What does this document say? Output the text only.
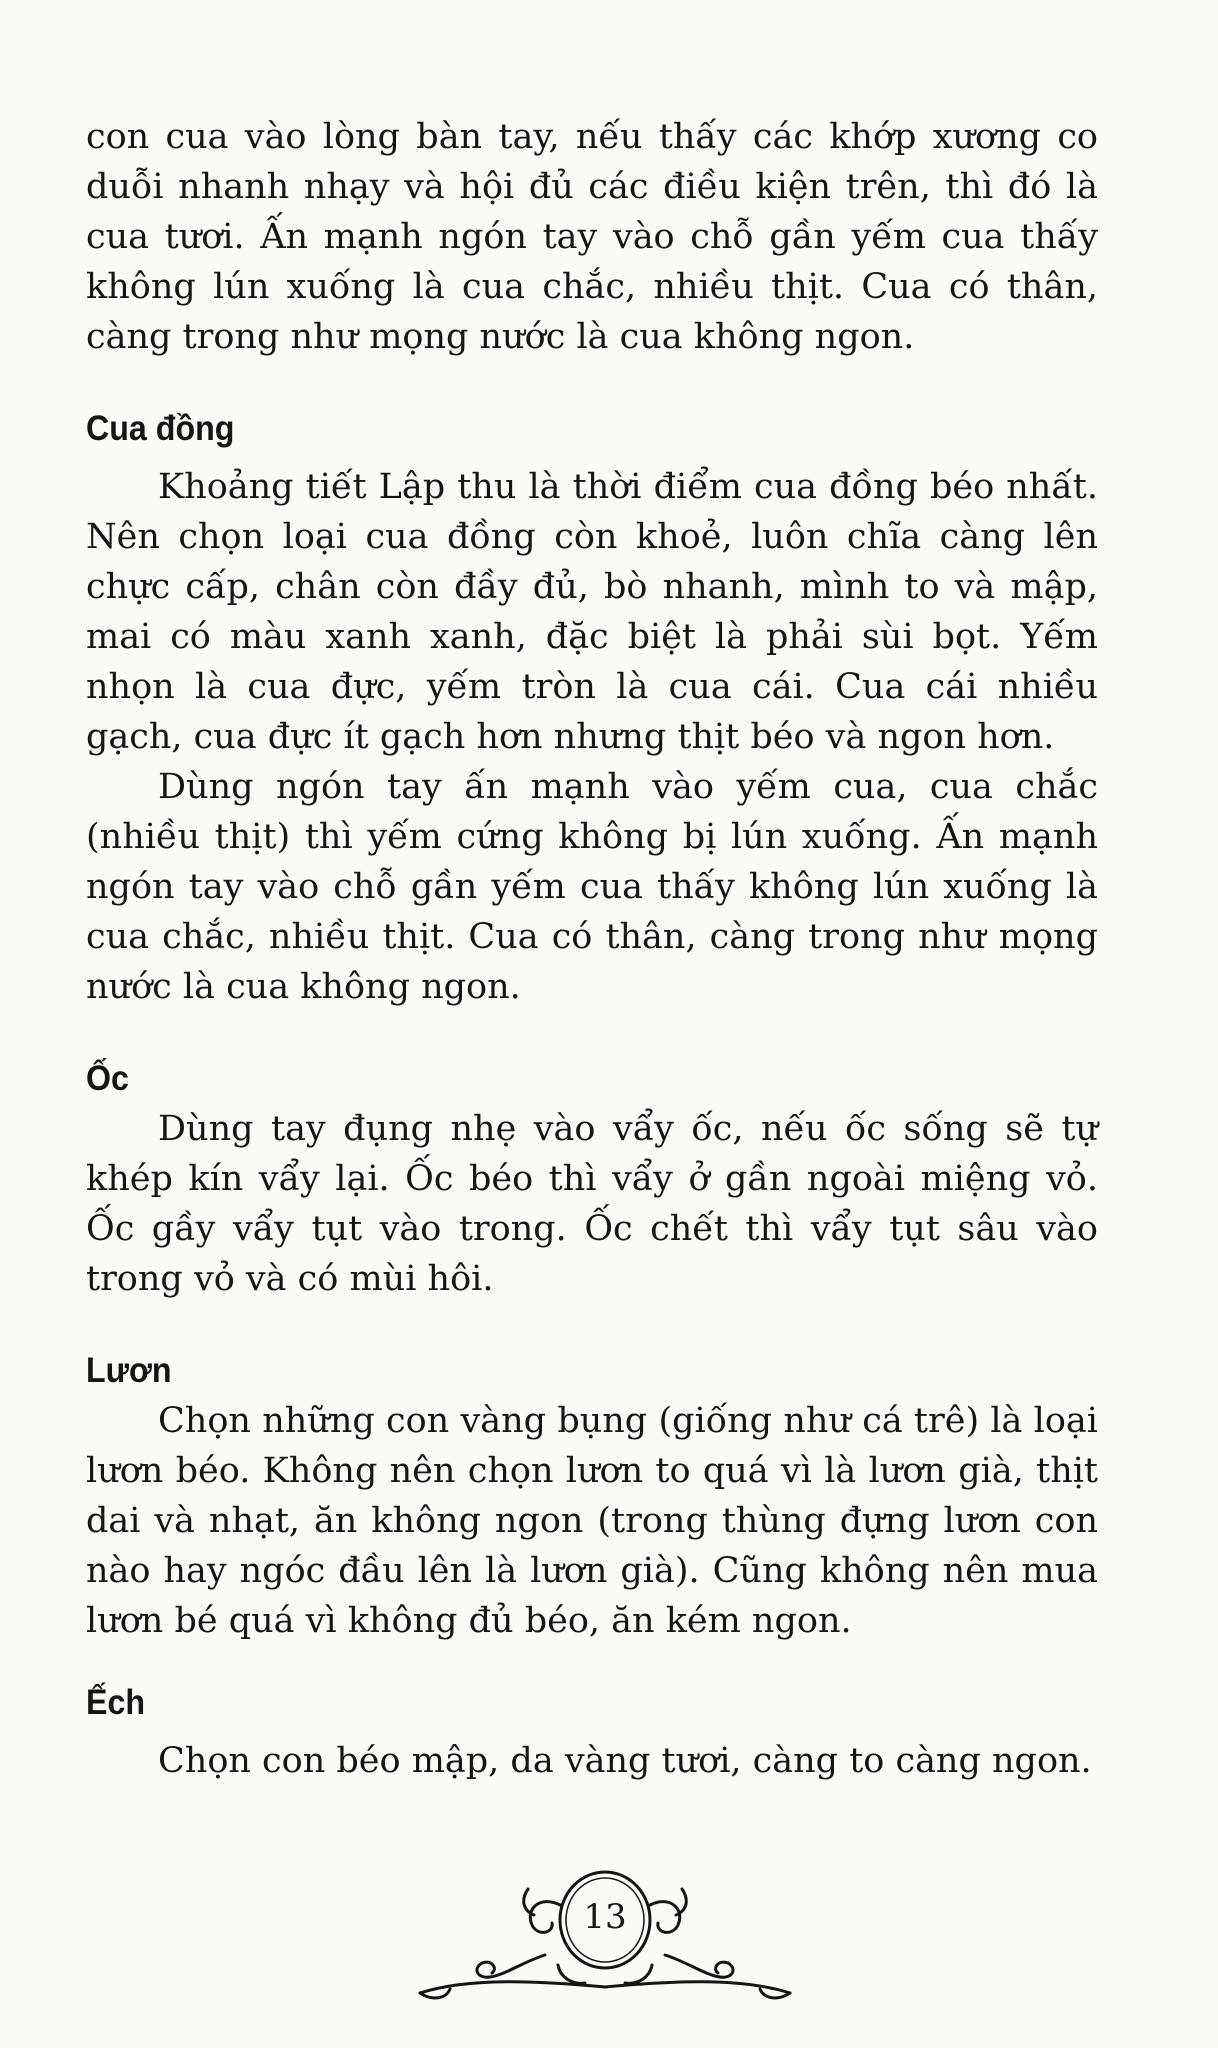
con cua vào lòng bàn tay, nếu thấy các khớp xương co duỗi nhanh nhạy và hội đủ các điều kiện trên, thì đó là cua tươi. Ấn mạnh ngón tay vào chỗ gần yếm cua thấy không lún xuống là cua chắc, nhiều thịt. Cua có thân, càng trong như mọng nước là cua không ngon.

Cua đồng

Khoảng tiết Lập thu là thời điểm cua đồng béo nhất. Nên chọn loại cua đồng còn khoẻ, luôn chĩa càng lên chực cấp, chân còn đầy đủ, bò nhanh, mình to và mập, mai có màu xanh xanh, đặc biệt là phải sùi bọt. Yếm nhọn là cua đực, yếm tròn là cua cái. Cua cái nhiều gạch, cua đực ít gạch hơn nhưng thịt béo và ngon hơn.

Dùng ngón tay ấn mạnh vào yếm cua, cua chắc (nhiều thịt) thì yếm cứng không bị lún xuống. Ấn mạnh ngón tay vào chỗ gần yếm cua thấy không lún xuống là cua chắc, nhiều thịt. Cua có thân, càng trong như mọng nước là cua không ngon.

Ốc

Dùng tay đụng nhẹ vào vẩy ốc, nếu ốc sống sẽ tự khép kín vẩy lại. Ốc béo thì vẩy ở gần ngoài miệng vỏ. Ốc gầy vẩy tụt vào trong. Ốc chết thì vẩy tụt sâu vào trong vỏ và có mùi hôi.

Lươn

Chọn những con vàng bụng (giống như cá trê) là loại lươn béo. Không nên chọn lươn to quá vì là lươn già, thịt dai và nhạt, ăn không ngon (trong thùng đựng lươn con nào hay ngóc đầu lên là lươn già). Cũng không nên mua lươn bé quá vì không đủ béo, ăn kém ngon.

Ếch

Chọn con béo mập, da vàng tươi, càng to càng ngon.

13
